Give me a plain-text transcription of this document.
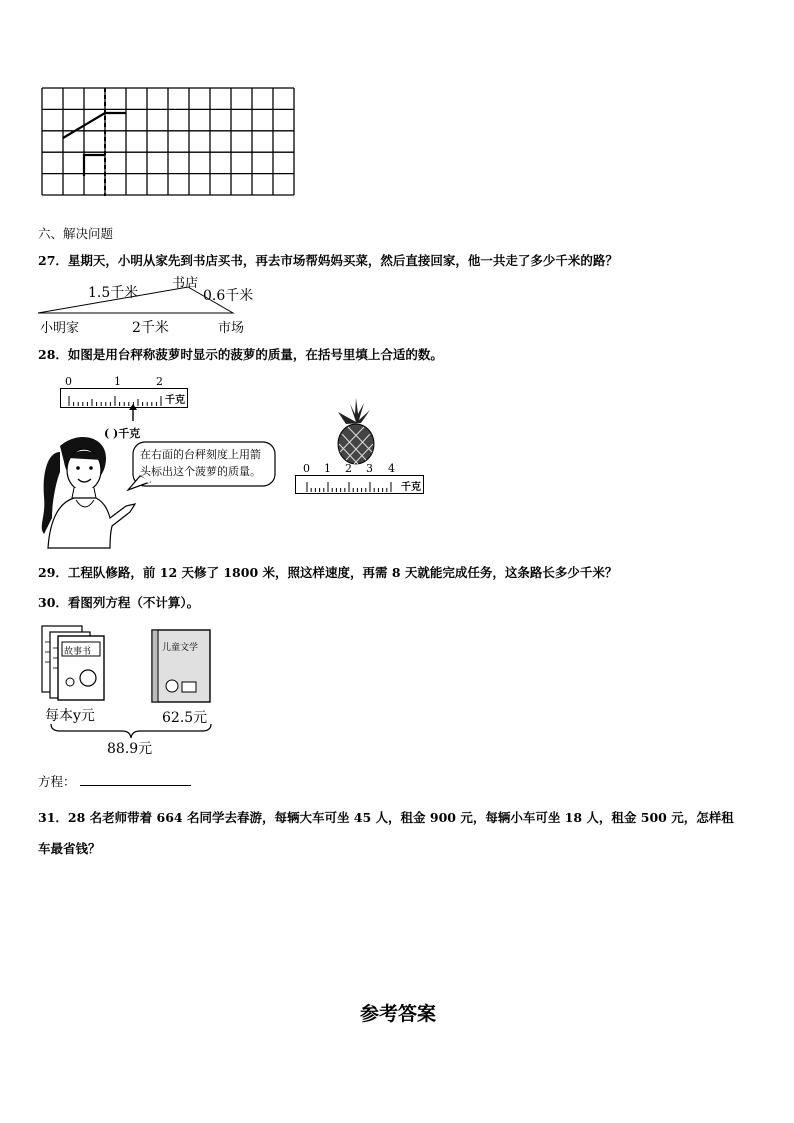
六、解决问题
27．星期天，小明从家先到书店买书，再去市场帮妈妈买菜，然后直接回家，他一共走了多少千米的路？
书店
1.5千米	0.6千米
小明家	2千米	市场
28．如图是用台秤称菠萝时显示的菠萝的质量，在括号里填上合适的数。
0	1	2
千克
( )千克
在右面的台秤刻度上用箭头标出这个菠萝的质量。	0 1 2 3 4
千克
29．工程队修路，前 12 天修了 1800 米，照这样速度，再需 8 天就能完成任务，这条路长多少千米？
30．看图列方程（不计算）。
故事书	儿童文学
每本y元	62.5元
88.9元
方程：
31．28 名老师带着 664 名同学去春游，每辆大车可坐 45 人，租金 900 元，每辆小车可坐 18 人，租金 500 元，怎样租
车最省钱？
参考答案
